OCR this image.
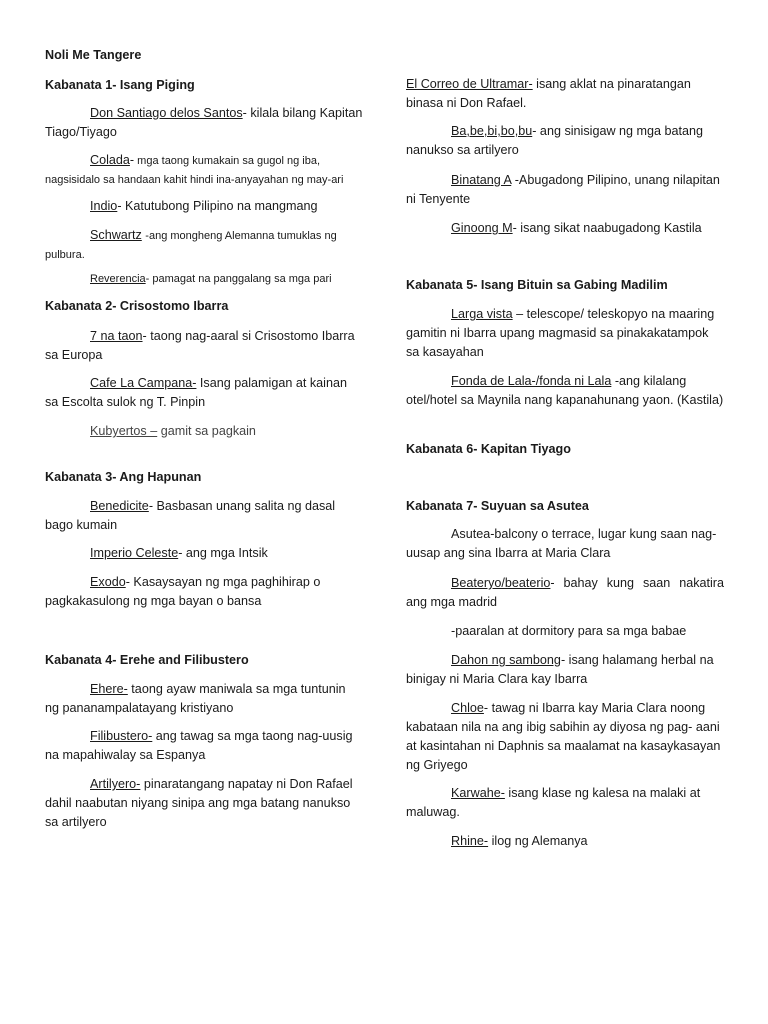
Noli Me Tangere

Kabanata 1- Isang Piging

Don Santiago delos Santos- kilala bilang Kapitan Tiago/Tiyago

Colada- mga taong kumakain sa gugol ng iba, nagsisidalo sa handaan kahit hindi ina-anyayahan ng may-ari

Indio- Katutubong Pilipino na mangmang

Schwartz -ang mongheng Alemanna tumuklas ng pulbura.

Reverencia- pamagat na panggalang sa mga pari

Kabanata 2- Crisostomo Ibarra

7 na taon- taong nag-aaral si Crisostomo Ibarra sa Europa

Cafe La Campana- Isang palamigan at kainan sa Escolta sulok ng T. Pinpin

Kubyertos – gamit sa pagkain

Kabanata 3- Ang Hapunan

Benedicite- Basbasan unang salita ng dasal bago kumain

Imperio Celeste- ang mga Intsik

Exodo- Kasaysayan ng mga paghihirap o pagkakasulong ng mga bayan o bansa

Kabanata 4- Erehe and Filibustero

Ehere- taong ayaw maniwala sa mga tuntunin ng pananampalatayang kristiyano

Filibustero- ang tawag sa mga taong nag-uusig na mapahiwalay sa Espanya

Artilyero- pinaratangang napatay ni Don Rafael dahil naabutan niyang sinipa ang mga batang nanukso sa artilyero

El Correo de Ultramar- isang aklat na pinaratangan binasa ni Don Rafael.

Ba,be,bi,bo,bu- ang sinisigaw ng mga batang nanukso sa artilyero

Binatang A -Abugadong Pilipino, unang nilapitan ni Tenyente

Ginoong M- isang sikat naabugadong Kastila

Kabanata 5- Isang Bituin sa Gabing Madilim

Larga vista – telescope/ teleskopyo na maaring gamitin ni Ibarra upang magmasid sa pinakakatampok sa kasayahan

Fonda de Lala-/fonda ni Lala -ang kilalang otel/hotel sa Maynila nang kapanahunang yaon. (Kastila)

Kabanata 6- Kapitan Tiyago

Kabanata 7- Suyuan sa Asutea

Asutea-balcony o terrace, lugar kung saan nag-uusap ang sina Ibarra at Maria Clara

Beateryo/beaterio- bahay kung saan nakatira ang mga madrid

-paaralan at dormitory para sa mga babae

Dahon ng sambong- isang halamang herbal na binigay ni Maria Clara kay Ibarra

Chloe- tawag ni Ibarra kay Maria Clara noong kabataan nila na ang ibig sabihin ay diyosa ng pag- aani at kasintahan ni Daphnis sa maalamat na kasaykasayan ng Griyego

Karwahe- isang klase ng kalesa na malaki at maluwag.

Rhine- ilog ng Alemanya
